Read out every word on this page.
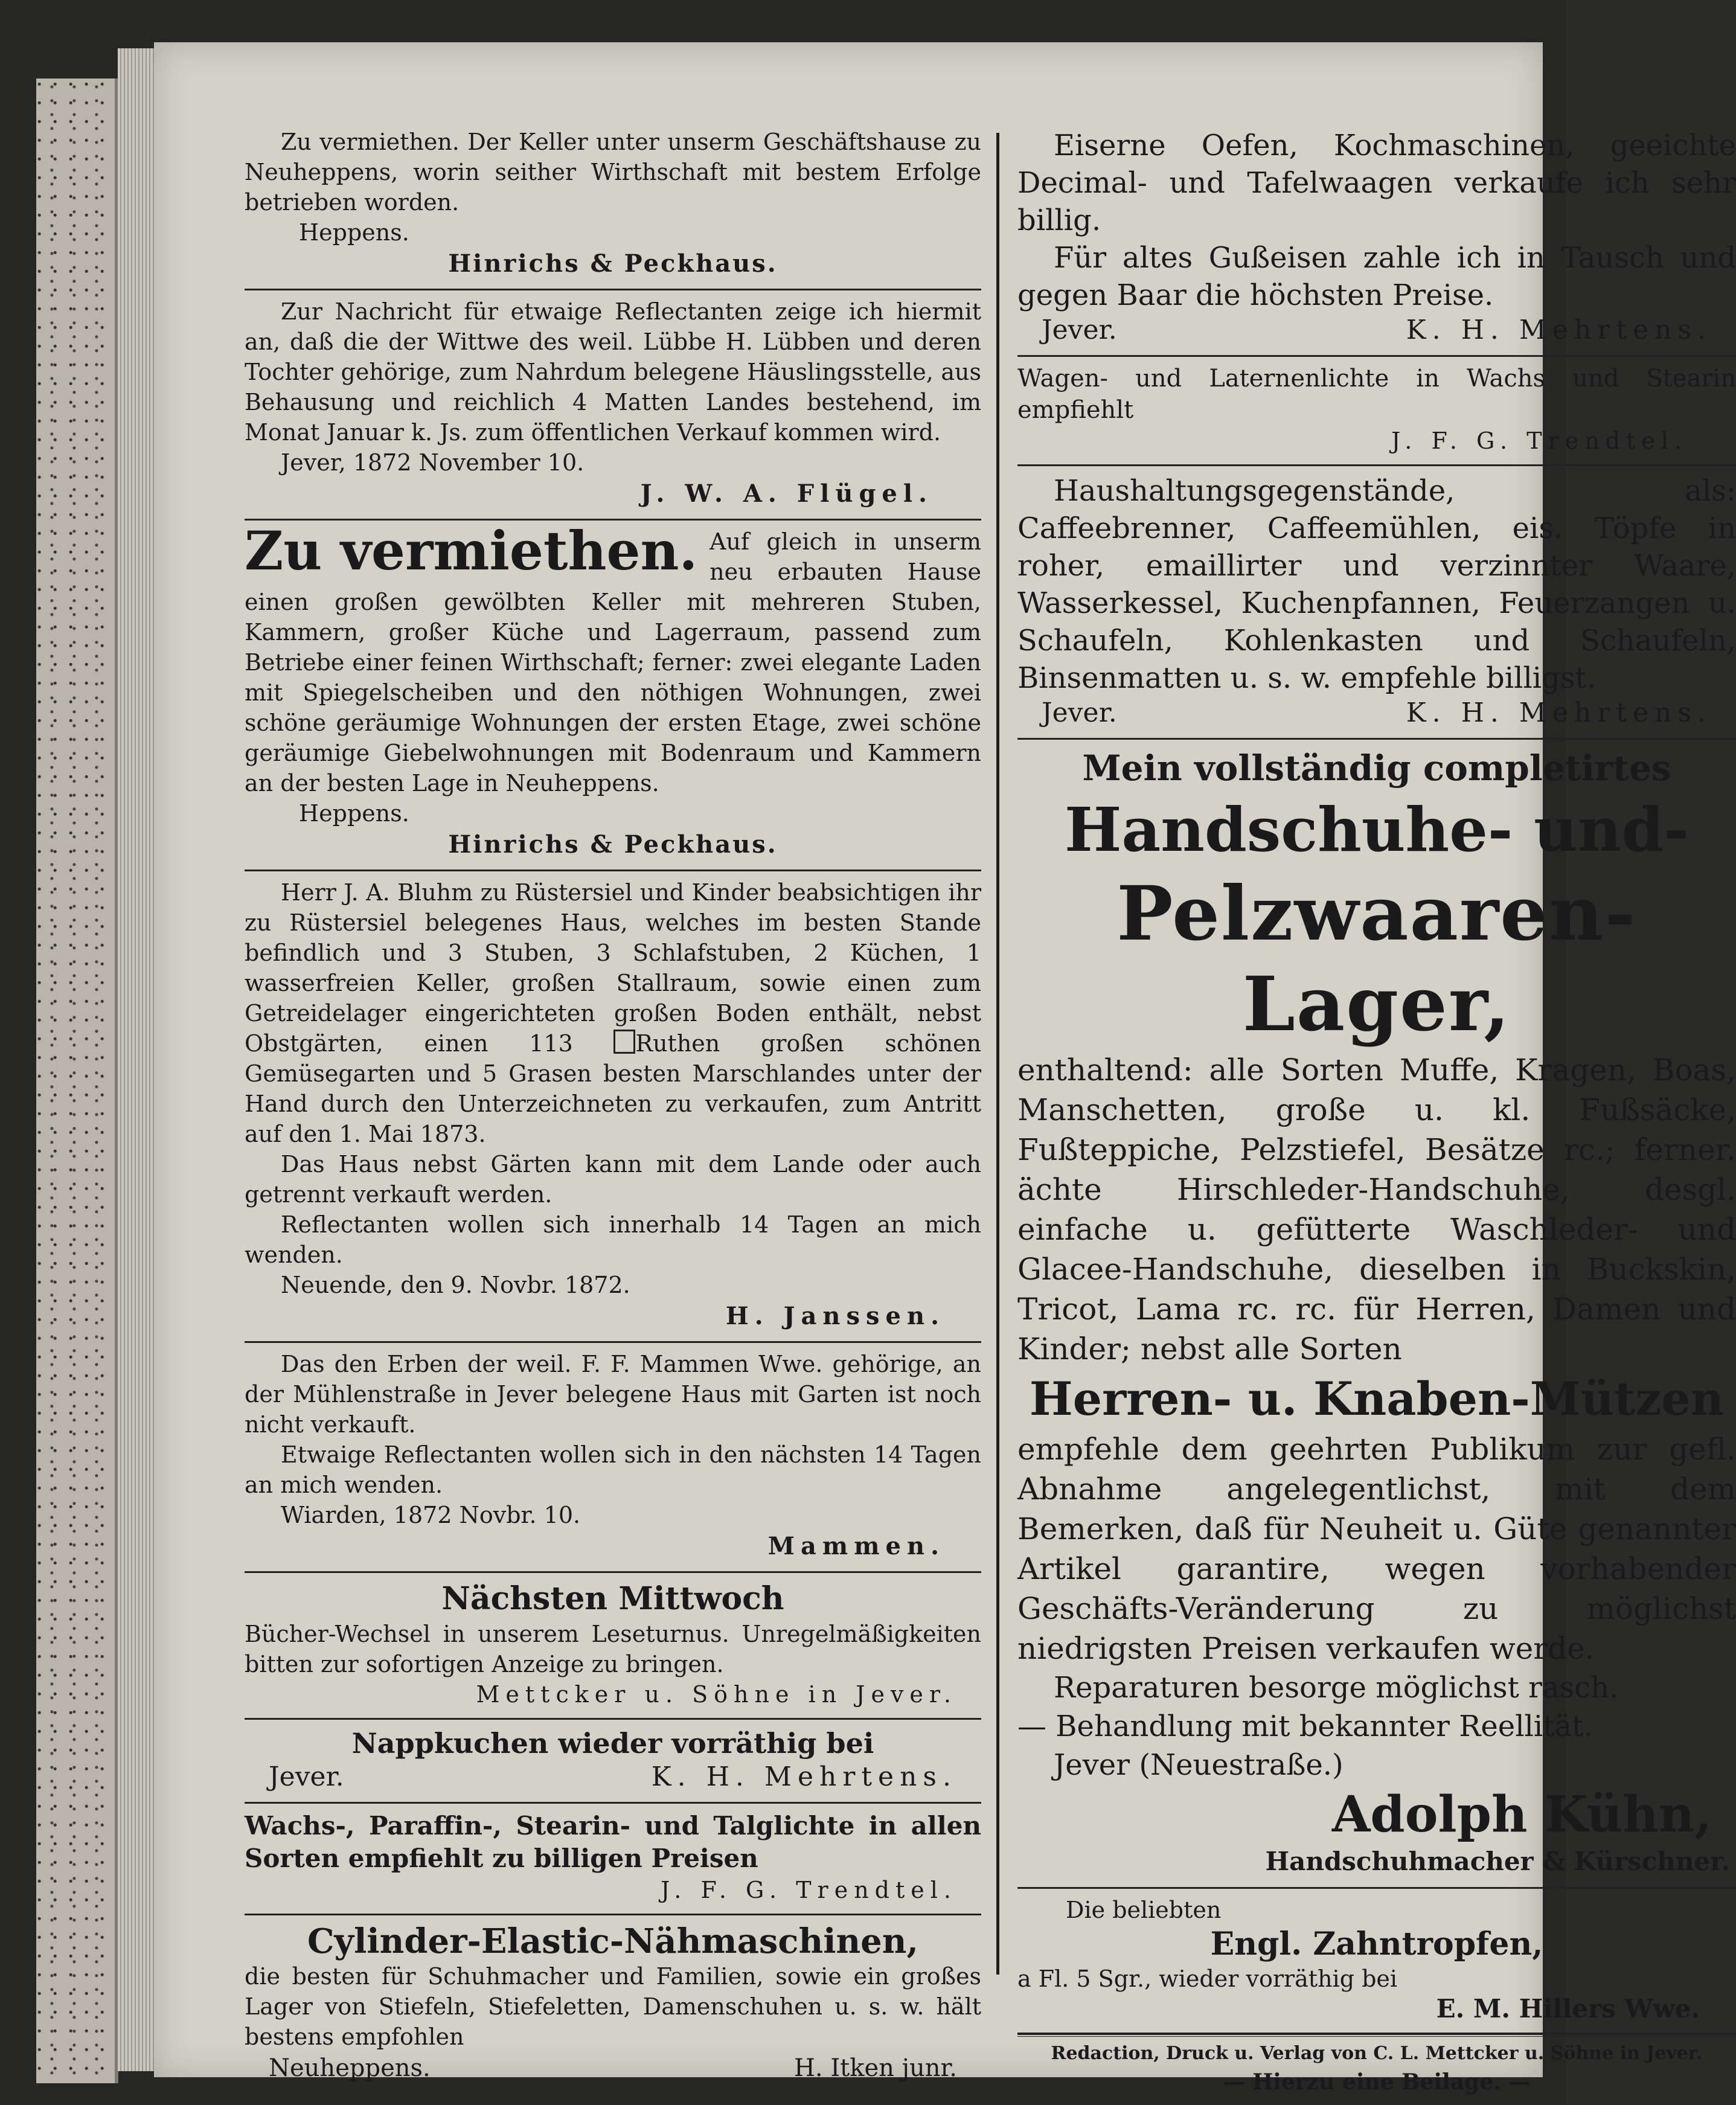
Zu vermiethen. Der Keller unter unserm Geschäftshause zu Neuheppens, worin seither Wirthschaft mit bestem Erfolge betrieben worden.

Heppens.

Hinrichs & Peckhaus.

Zur Nachricht für etwaige Reflectanten zeige ich hiermit an, daß die der Wittwe des weil. Lübbe H. Lübben und deren Tochter gehörige, zum Nahrdum belegene Häuslingsstelle, aus Behausung und reichlich 4 Matten Landes bestehend, im Monat Januar k. Js. zum öffentlichen Verkauf kommen wird.

Jever, 1872 November 10.

J. W. A. Flügel.

Zu vermiethen. Auf gleich in unserm neu erbauten Hause einen großen gewölbten Keller mit mehreren Stuben, Kammern, großer Küche und Lagerraum, passend zum Betriebe einer feinen Wirthschaft; ferner: zwei elegante Laden mit Spiegelscheiben und den nöthigen Wohnungen, zwei schöne geräumige Wohnungen der ersten Etage, zwei schöne geräumige Giebelwohnungen mit Bodenraum und Kammern an der besten Lage in Neuheppens.

Heppens.

Hinrichs & Peckhaus.

Herr J. A. Bluhm zu Rüstersiel und Kinder beabsichtigen ihr zu Rüstersiel belegenes Haus, welches im besten Stande befindlich und 3 Stuben, 3 Schlafstuben, 2 Küchen, 1 wasserfreien Keller, großen Stallraum, sowie einen zum Getreidelager eingerichteten großen Boden enthält, nebst Obstgärten, einen 113	Ruthen großen schönen Gemüsegarten und 5 Grasen besten Marschlandes unter der Hand durch den Unterzeichneten zu verkaufen, zum Antritt auf den 1. Mai 1873.

Das Haus nebst Gärten kann mit dem Lande oder auch getrennt verkauft werden.

Reflectanten wollen sich innerhalb 14 Tagen an mich wenden.

Neuende, den 9. Novbr. 1872.

H. Janssen.

Das den Erben der weil. F. F. Mammen Wwe. gehörige, an der Mühlenstraße in Jever belegene Haus mit Garten ist noch nicht verkauft.

Etwaige Reflectanten wollen sich in den nächsten 14 Tagen an mich wenden.

Wiarden, 1872 Novbr. 10.

Mammen.

Nächsten Mittwoch

Bücher-Wechsel in unserem Leseturnus. Unregelmäßigkeiten bitten zur sofortigen Anzeige zu bringen.

Mettcker u. Söhne in Jever.

Nappkuchen wieder vorräthig bei

Jever.	K. H. Mehrtens.

Wachs-, Paraffin-, Stearin- und Talglichte in allen Sorten empfiehlt zu billigen Preisen

J. F. G. Trendtel.

Cylinder-Elastic-Nähmaschinen,

die besten für Schuhmacher und Familien, sowie ein großes Lager von Stiefeln, Stiefeletten, Damenschuhen u. s. w. hält bestens empfohlen

Neuheppens.	H. Itken junr.

Eiserne Oefen, Kochmaschinen, geeichte Decimal- und Tafelwaagen verkaufe ich sehr billig.

Für altes Gußeisen zahle ich in Tausch und gegen Baar die höchsten Preise.

Jever.	K. H. Mehrtens.

Wagen- und Laternenlichte in Wachs und Stearin empfiehlt

J. F. G. Trendtel.

Haushaltungsgegenstände, als: Caffeebrenner, Caffeemühlen, eis. Töpfe in roher, emaillirter und verzinnter Waare, Wasserkessel, Kuchenpfannen, Feuerzangen u. Schaufeln, Kohlenkasten und Schaufeln, Binsenmatten u. s. w. empfehle billigst.

Jever.	K. H. Mehrtens.

Mein vollständig completirtes

Handschuhe- und-

Pelzwaaren-Lager,

enthaltend: alle Sorten Muffe, Kragen, Boas, Manschetten, große u. kl. Fußsäcke, Fußteppiche, Pelzstiefel, Besätze rc.; ferner. ächte Hirschleder-Handschuhe, desgl. einfache u. gefütterte Waschleder- und Glacee-Handschuhe, dieselben in Buckskin, Tricot, Lama rc. rc. für Herren, Damen und Kinder; nebst alle Sorten

Herren- u. Knaben-Mützen

empfehle dem geehrten Publikum zur gefl. Abnahme angelegentlichst, mit dem Bemerken, daß für Neuheit u. Güte genannter Artikel garantire, wegen vorhabender Geschäfts-Veränderung zu möglichst niedrigsten Preisen verkaufen werde.

Reparaturen besorge möglichst rasch.

— Behandlung mit bekannter Reellität.

Jever (Neuestraße.)

Adolph Kühn,

Handschuhmacher & Kürschner.

Die beliebten

Engl. Zahntropfen,

a Fl. 5 Sgr., wieder vorräthig bei

E. M. Hillers Wwe.

Redaction, Druck u. Verlag von C. L. Mettcker u. Söhne in Jever.

— Hierzu eine Beilage. —
